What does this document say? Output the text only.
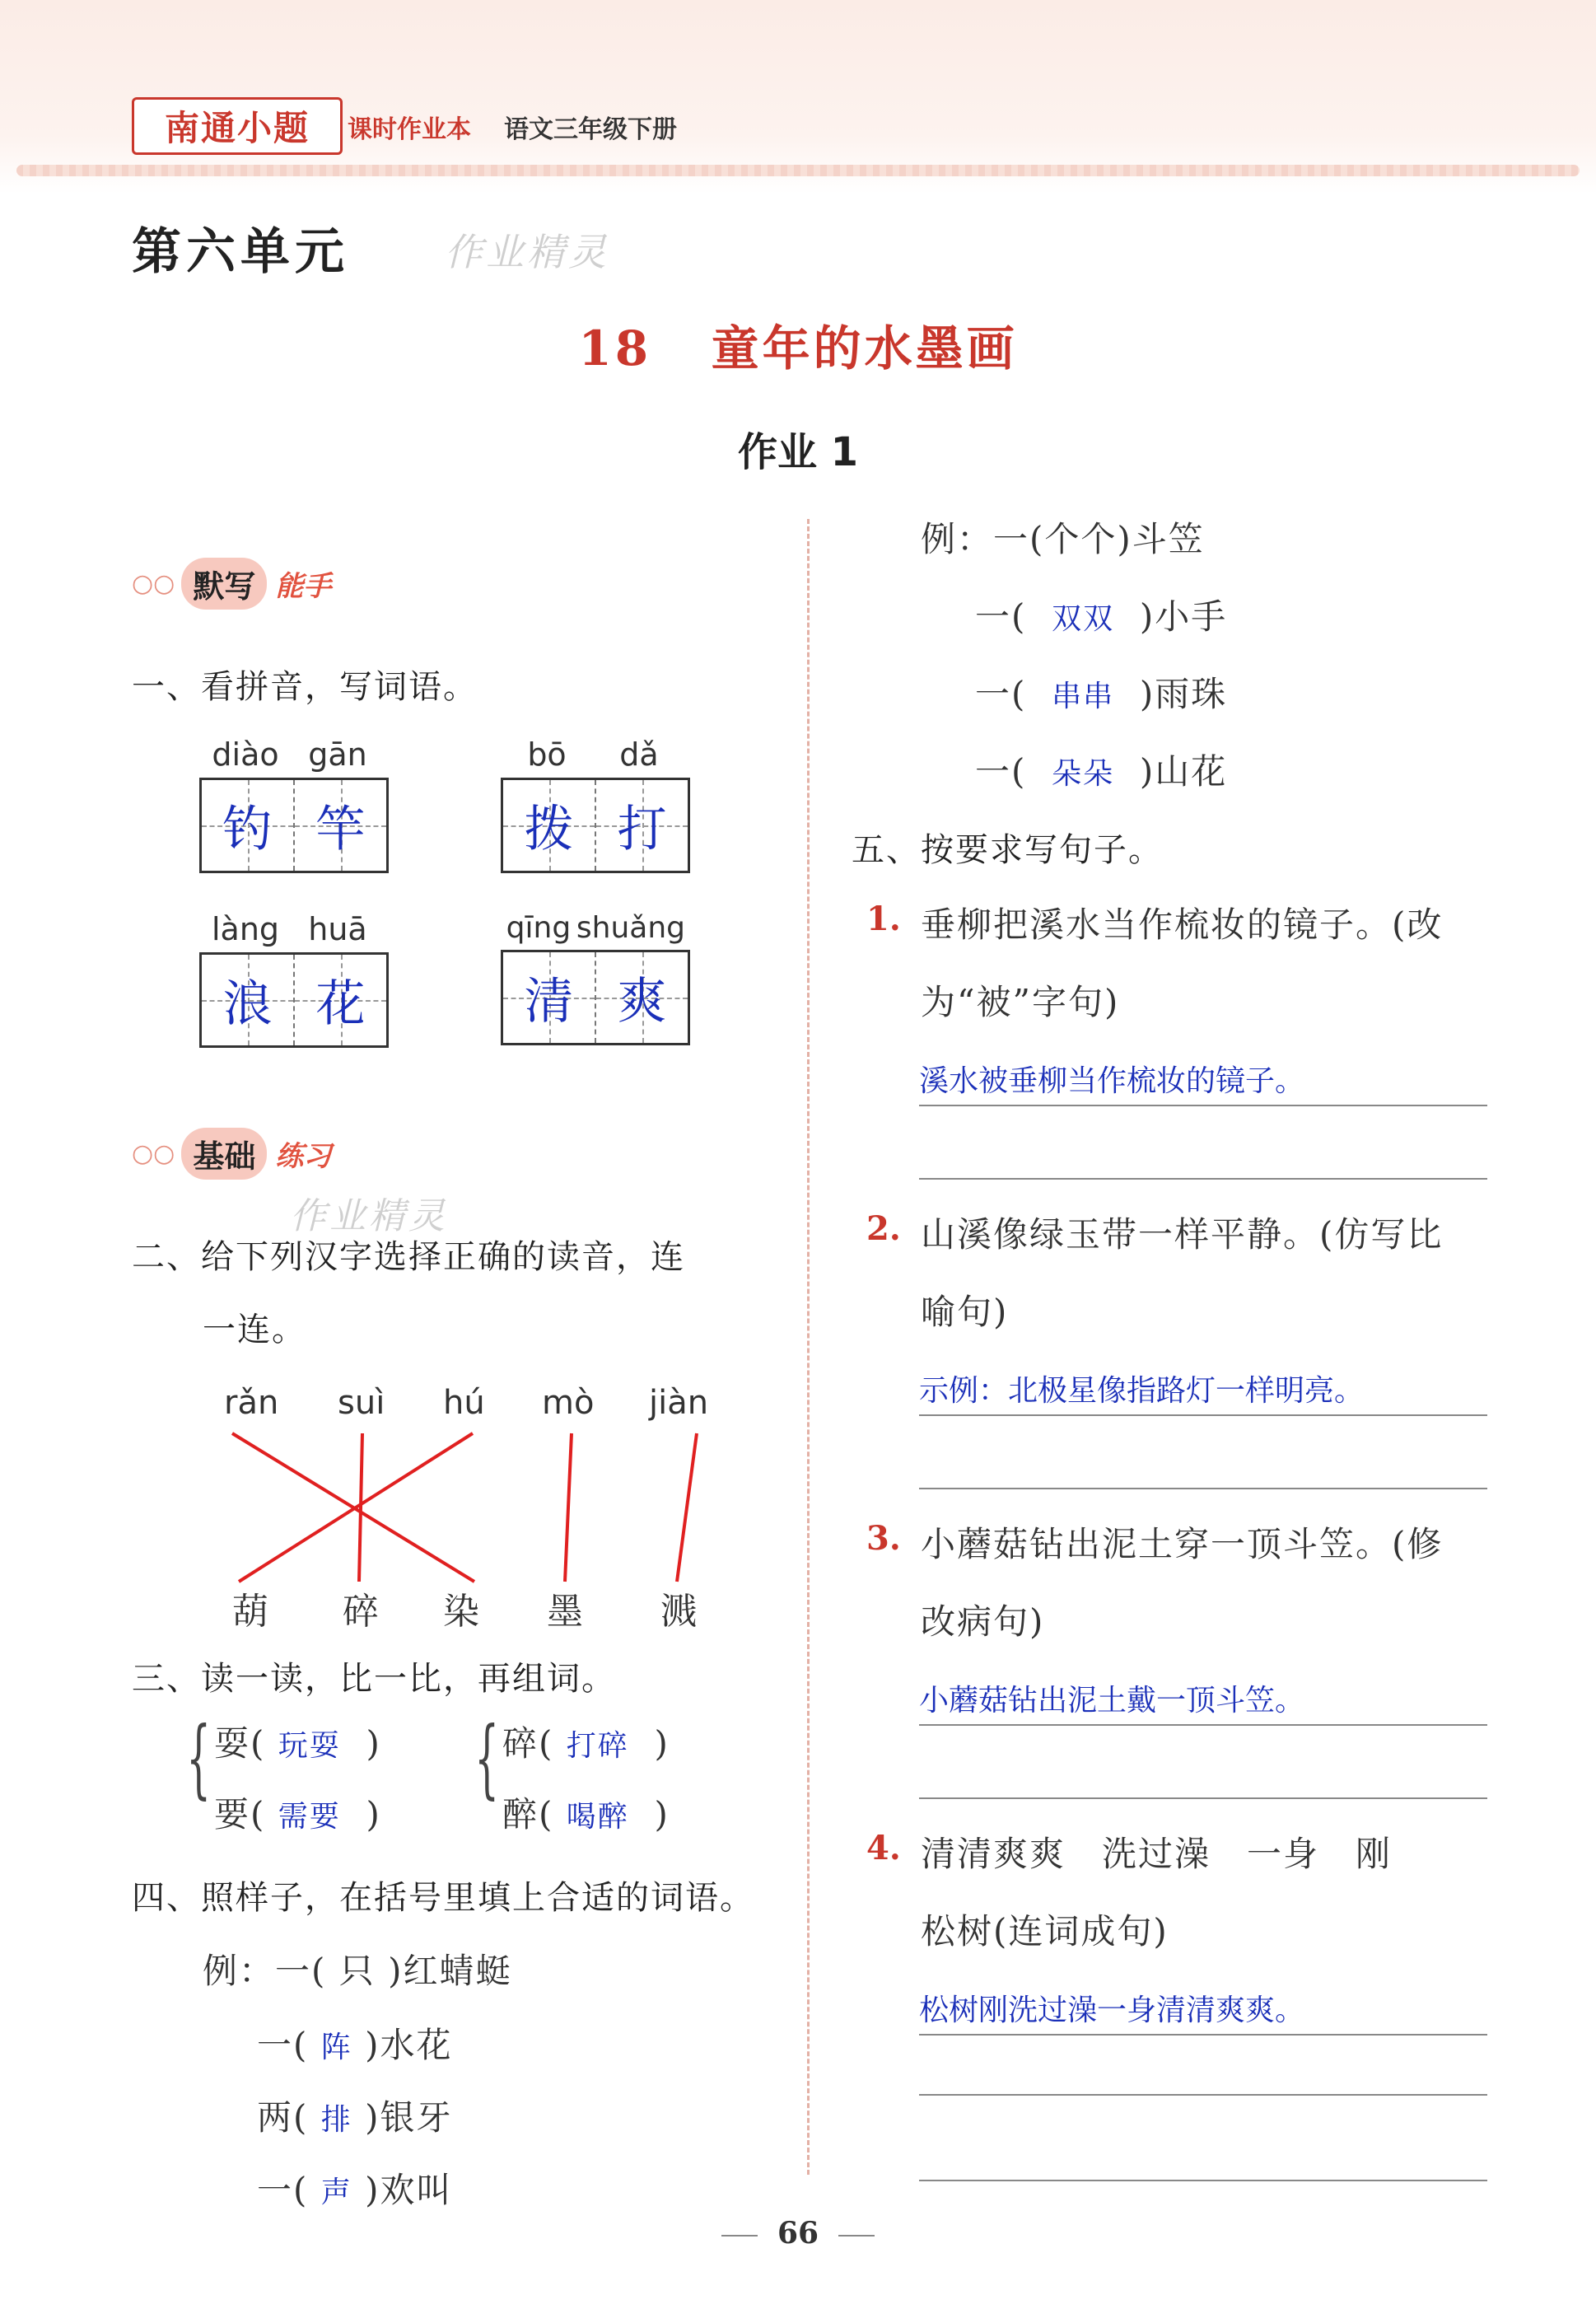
南通小题 课时作业本 语文三年级下册
第六单元	作业精灵
18 童年的水墨画
作业 1
○○ 默写 能手
一、看拼音，写词语。
diào gān
钓 竿
bō	dǎ
拨 打
làng huā
浪 花
qīng shuǎng
清 爽
○○ 基础 练习
作业精灵
二、给下列汉字选择正确的读音，连
一连。
rǎn suì hú mò jiàn
葫 碎 染 墨 溅
三、读一读，比一比，再组词。
{ 耍( 玩耍  )
要( 需要  )
{ 碎( 打碎  )
醉( 喝醉  )
四、照样子，在括号里填上合适的词语。
例：一( 只 )红蜻蜓
一( 阵 )水花
两( 排 )银牙
一( 声 )欢叫
例：一(个个)斗笠
一( 双双 )小手
一( 串串 )雨珠
一( 朵朵 )山花
五、按要求写句子。
1. 垂柳把溪水当作梳妆的镜子。(改
为“被”字句)
溪水被垂柳当作梳妆的镜子。
2. 山溪像绿玉带一样平静。(仿写比
喻句)
示例：北极星像指路灯一样明亮。
3. 小蘑菇钻出泥土穿一顶斗笠。(修
改病句)
小蘑菇钻出泥土戴一顶斗笠。
4. 清清爽爽　洗过澡　一身　刚
松树(连词成句)
松树刚洗过澡一身清清爽爽。
66
